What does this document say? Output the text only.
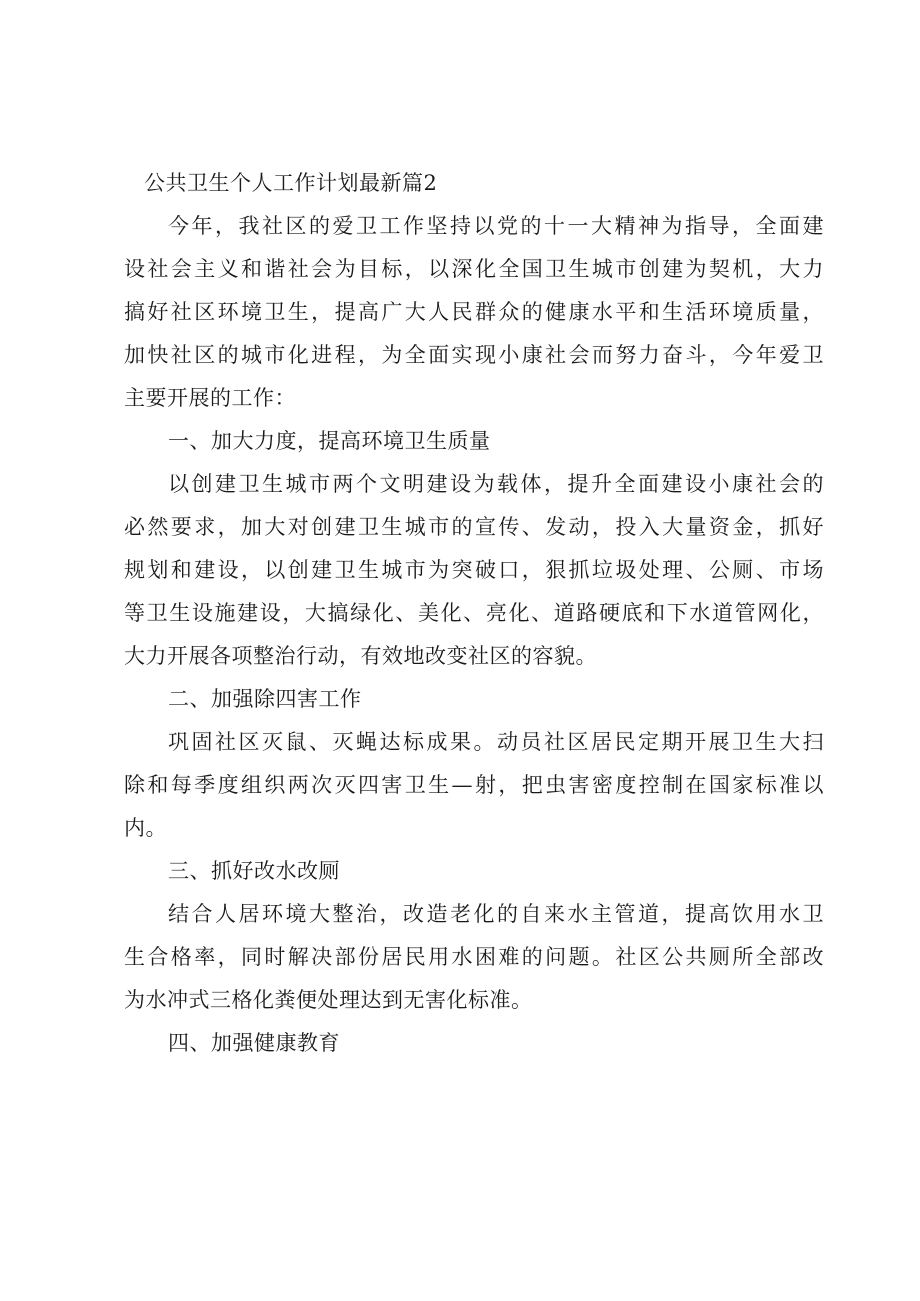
公共卫生个人工作计划最新篇2
今年，我社区的爱卫工作坚持以党的十一大精神为指导，全面建
设社会主义和谐社会为目标，以深化全国卫生城市创建为契机，大力
搞好社区环境卫生，提高广大人民群众的健康水平和生活环境质量，
加快社区的城市化进程，为全面实现小康社会而努力奋斗，今年爱卫
主要开展的工作：
一、加大力度，提高环境卫生质量
以创建卫生城市两个文明建设为载体，提升全面建设小康社会的
必然要求，加大对创建卫生城市的宣传、发动，投入大量资金，抓好
规划和建设，以创建卫生城市为突破口，狠抓垃圾处理、公厕、市场
等卫生设施建设，大搞绿化、美化、亮化、道路硬底和下水道管网化，
大力开展各项整治行动，有效地改变社区的容貌。
二、加强除四害工作
巩固社区灭鼠、灭蝇达标成果。动员社区居民定期开展卫生大扫
除和每季度组织两次灭四害卫生—射，把虫害密度控制在国家标准以
内。
三、抓好改水改厕
结合人居环境大整治，改造老化的自来水主管道，提高饮用水卫
生合格率，同时解决部份居民用水困难的问题。社区公共厕所全部改
为水冲式三格化粪便处理达到无害化标准。
四、加强健康教育
